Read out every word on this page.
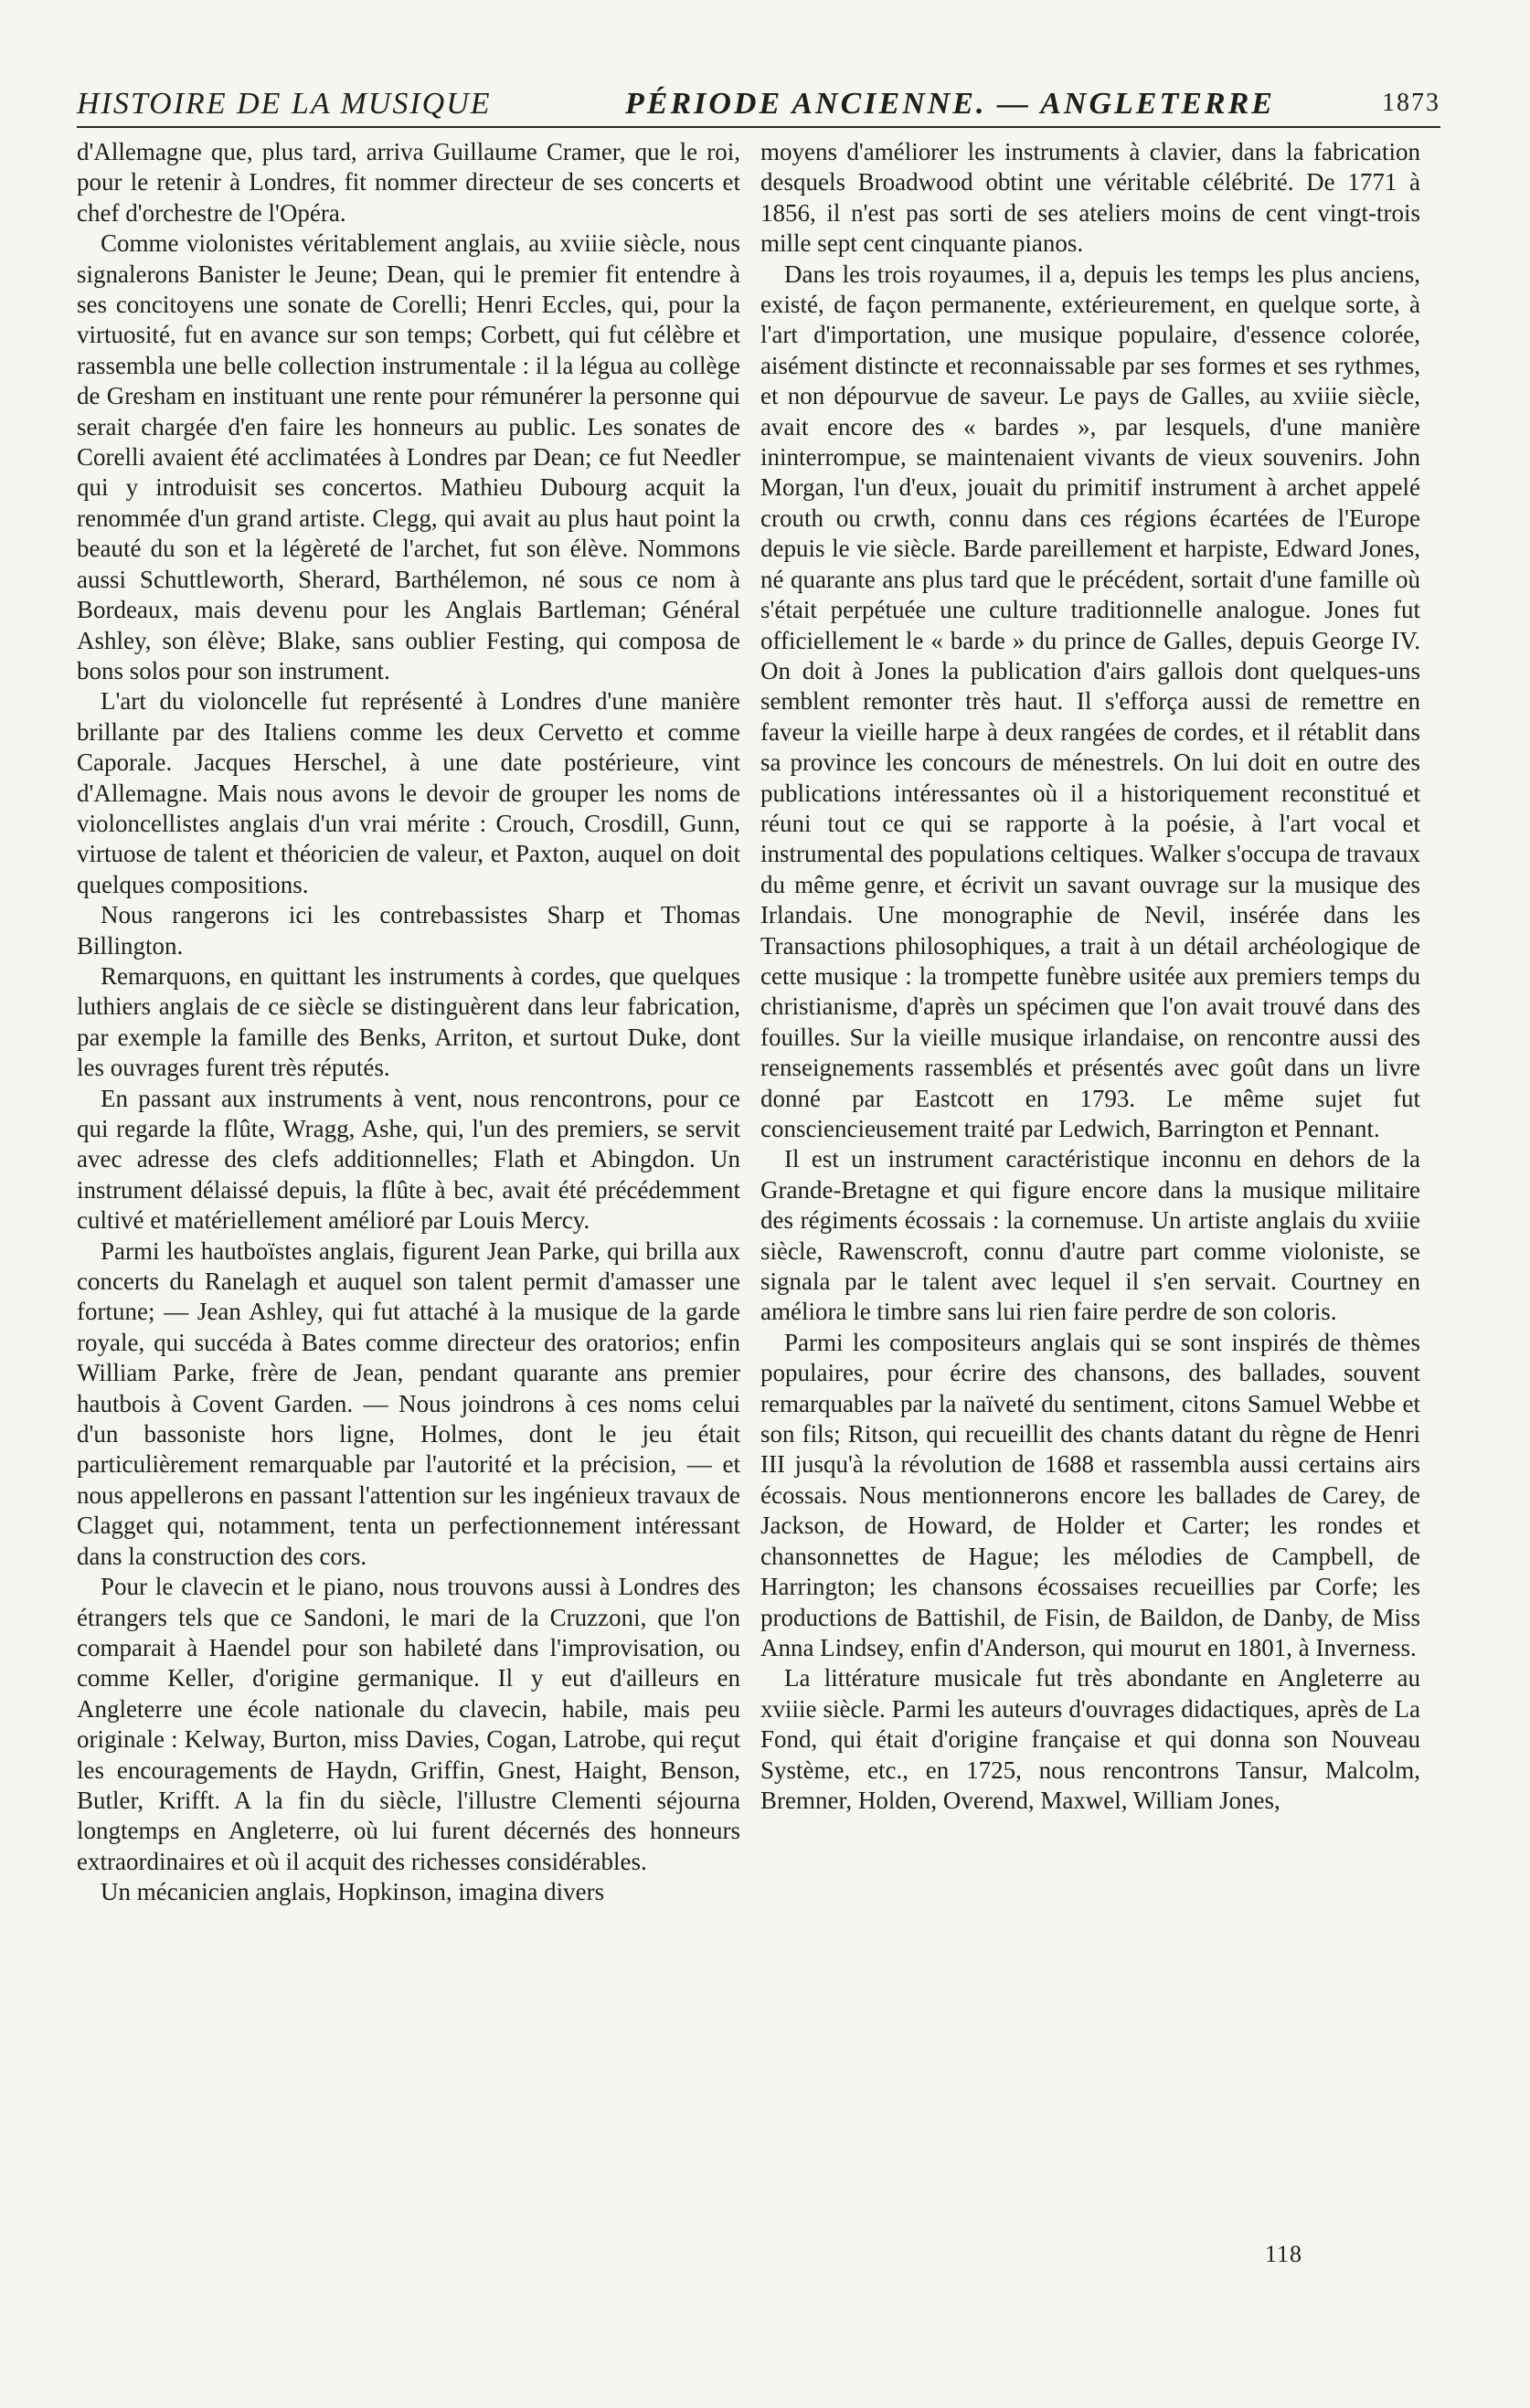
HISTOIRE DE LA MUSIQUE	PÉRIODE ANCIENNE. — ANGLETERRE	1873

d'Allemagne que, plus tard, arriva Guillaume Cramer, que le roi, pour le retenir à Londres, fit nommer directeur de ses concerts et chef d'orchestre de l'Opéra.

Comme violonistes véritablement anglais, au xviiie siècle, nous signalerons Banister le Jeune; Dean, qui le premier fit entendre à ses concitoyens une sonate de Corelli; Henri Eccles, qui, pour la virtuosité, fut en avance sur son temps; Corbett, qui fut célèbre et rassembla une belle collection instrumentale : il la légua au collège de Gresham en instituant une rente pour rémunérer la personne qui serait chargée d'en faire les honneurs au public. Les sonates de Corelli avaient été acclimatées à Londres par Dean; ce fut Needler qui y introduisit ses concertos. Mathieu Dubourg acquit la renommée d'un grand artiste. Clegg, qui avait au plus haut point la beauté du son et la légèreté de l'archet, fut son élève. Nommons aussi Schuttleworth, Sherard, Barthélemon, né sous ce nom à Bordeaux, mais devenu pour les Anglais Bartleman; Général Ashley, son élève; Blake, sans oublier Festing, qui composa de bons solos pour son instrument.

L'art du violoncelle fut représenté à Londres d'une manière brillante par des Italiens comme les deux Cervetto et comme Caporale. Jacques Herschel, à une date postérieure, vint d'Allemagne. Mais nous avons le devoir de grouper les noms de violoncellistes anglais d'un vrai mérite : Crouch, Crosdill, Gunn, virtuose de talent et théoricien de valeur, et Paxton, auquel on doit quelques compositions.

Nous rangerons ici les contrebassistes Sharp et Thomas Billington.

Remarquons, en quittant les instruments à cordes, que quelques luthiers anglais de ce siècle se distinguèrent dans leur fabrication, par exemple la famille des Benks, Arriton, et surtout Duke, dont les ouvrages furent très réputés.

En passant aux instruments à vent, nous rencontrons, pour ce qui regarde la flûte, Wragg, Ashe, qui, l'un des premiers, se servit avec adresse des clefs additionnelles; Flath et Abingdon. Un instrument délaissé depuis, la flûte à bec, avait été précédemment cultivé et matériellement amélioré par Louis Mercy.

Parmi les hautboïstes anglais, figurent Jean Parke, qui brilla aux concerts du Ranelagh et auquel son talent permit d'amasser une fortune; — Jean Ashley, qui fut attaché à la musique de la garde royale, qui succéda à Bates comme directeur des oratorios; enfin William Parke, frère de Jean, pendant quarante ans premier hautbois à Covent Garden. — Nous joindrons à ces noms celui d'un bassoniste hors ligne, Holmes, dont le jeu était particulièrement remarquable par l'autorité et la précision, — et nous appellerons en passant l'attention sur les ingénieux travaux de Clagget qui, notamment, tenta un perfectionnement intéressant dans la construction des cors.

Pour le clavecin et le piano, nous trouvons aussi à Londres des étrangers tels que ce Sandoni, le mari de la Cruzzoni, que l'on comparait à Haendel pour son habileté dans l'improvisation, ou comme Keller, d'origine germanique. Il y eut d'ailleurs en Angleterre une école nationale du clavecin, habile, mais peu originale : Kelway, Burton, miss Davies, Cogan, Latrobe, qui reçut les encouragements de Haydn, Griffin, Gnest, Haight, Benson, Butler, Krifft. A la fin du siècle, l'illustre Clementi séjourna longtemps en Angleterre, où lui furent décernés des honneurs extraordinaires et où il acquit des richesses considérables.

Un mécanicien anglais, Hopkinson, imagina divers

moyens d'améliorer les instruments à clavier, dans la fabrication desquels Broadwood obtint une véritable célébrité. De 1771 à 1856, il n'est pas sorti de ses ateliers moins de cent vingt-trois mille sept cent cinquante pianos.

Dans les trois royaumes, il a, depuis les temps les plus anciens, existé, de façon permanente, extérieurement, en quelque sorte, à l'art d'importation, une musique populaire, d'essence colorée, aisément distincte et reconnaissable par ses formes et ses rythmes, et non dépourvue de saveur. Le pays de Galles, au xviiie siècle, avait encore des « bardes », par lesquels, d'une manière ininterrompue, se maintenaient vivants de vieux souvenirs. John Morgan, l'un d'eux, jouait du primitif instrument à archet appelé crouth ou crwth, connu dans ces régions écartées de l'Europe depuis le vie siècle. Barde pareillement et harpiste, Edward Jones, né quarante ans plus tard que le précédent, sortait d'une famille où s'était perpétuée une culture traditionnelle analogue. Jones fut officiellement le « barde » du prince de Galles, depuis George IV. On doit à Jones la publication d'airs gallois dont quelques-uns semblent remonter très haut. Il s'efforça aussi de remettre en faveur la vieille harpe à deux rangées de cordes, et il rétablit dans sa province les concours de ménestrels. On lui doit en outre des publications intéressantes où il a historiquement reconstitué et réuni tout ce qui se rapporte à la poésie, à l'art vocal et instrumental des populations celtiques. Walker s'occupa de travaux du même genre, et écrivit un savant ouvrage sur la musique des Irlandais. Une monographie de Nevil, insérée dans les Transactions philosophiques, a trait à un détail archéologique de cette musique : la trompette funèbre usitée aux premiers temps du christianisme, d'après un spécimen que l'on avait trouvé dans des fouilles. Sur la vieille musique irlandaise, on rencontre aussi des renseignements rassemblés et présentés avec goût dans un livre donné par Eastcott en 1793. Le même sujet fut consciencieusement traité par Ledwich, Barrington et Pennant.

Il est un instrument caractéristique inconnu en dehors de la Grande-Bretagne et qui figure encore dans la musique militaire des régiments écossais : la cornemuse. Un artiste anglais du xviiie siècle, Rawenscroft, connu d'autre part comme violoniste, se signala par le talent avec lequel il s'en servait. Courtney en améliora le timbre sans lui rien faire perdre de son coloris.

Parmi les compositeurs anglais qui se sont inspirés de thèmes populaires, pour écrire des chansons, des ballades, souvent remarquables par la naïveté du sentiment, citons Samuel Webbe et son fils; Ritson, qui recueillit des chants datant du règne de Henri III jusqu'à la révolution de 1688 et rassembla aussi certains airs écossais. Nous mentionnerons encore les ballades de Carey, de Jackson, de Howard, de Holder et Carter; les rondes et chansonnettes de Hague; les mélodies de Campbell, de Harrington; les chansons écossaises recueillies par Corfe; les productions de Battishil, de Fisin, de Baildon, de Danby, de Miss Anna Lindsey, enfin d'Anderson, qui mourut en 1801, à Inverness.

La littérature musicale fut très abondante en Angleterre au xviiie siècle. Parmi les auteurs d'ouvrages didactiques, après de La Fond, qui était d'origine française et qui donna son Nouveau Système, etc., en 1725, nous rencontrons Tansur, Malcolm, Bremner, Holden, Overend, Maxwel, William Jones,

118
